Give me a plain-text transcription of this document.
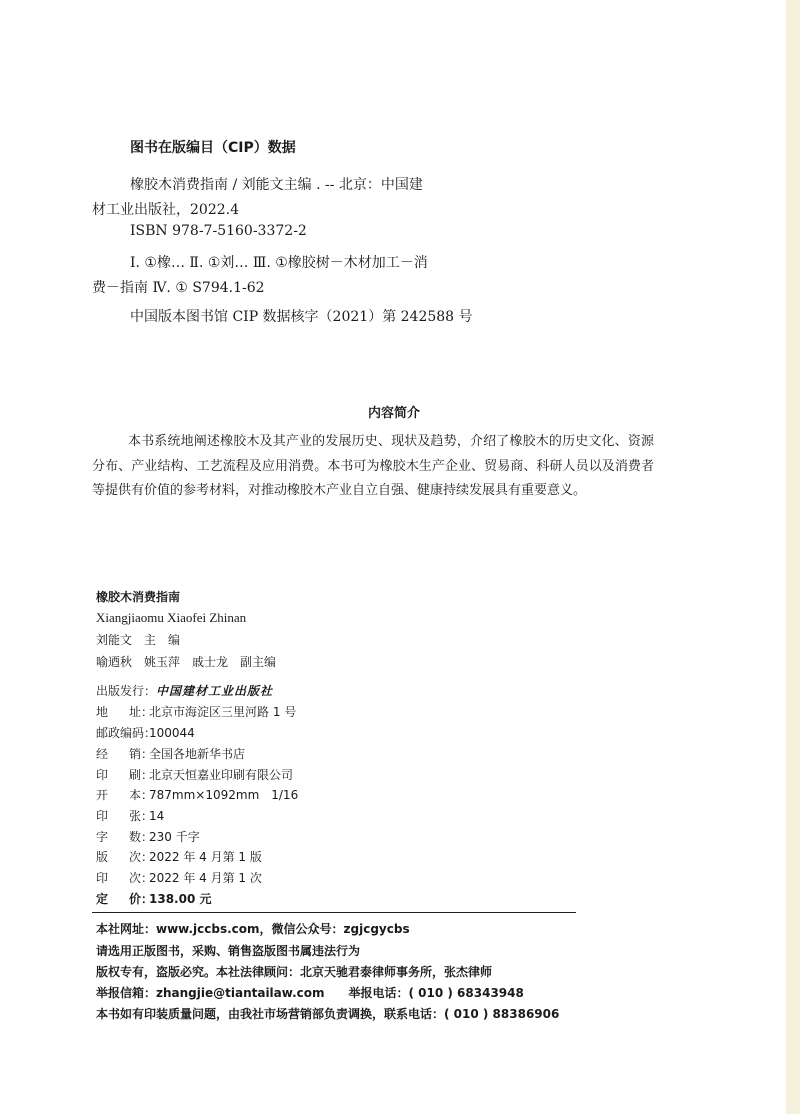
图书在版编目（CIP）数据
橡胶木消费指南 / 刘能文主编 . -- 北京：中国建
材工业出版社，2022.4
ISBN 978-7-5160-3372-2
Ⅰ. ①橡… Ⅱ. ①刘… Ⅲ. ①橡胶树－木材加工－消
费－指南 Ⅳ. ① S794.1-62
中国版本图书馆 CIP 数据核字（2021）第 242588 号
内容简介
本书系统地阐述橡胶木及其产业的发展历史、现状及趋势，介绍了橡胶木的历史文化、资源分布、产业结构、工艺流程及应用消费。本书可为橡胶木生产企业、贸易商、科研人员以及消费者等提供有价值的参考材料，对推动橡胶木产业自立自强、健康持续发展具有重要意义。
橡胶木消费指南
Xiangjiaomu Xiaofei Zhinan
刘能文　主　编
喻迺秋　姚玉萍　戚士龙　副主编
出版发行：中国建材工业出版社
地 址：北京市海淀区三里河路 1 号
邮政编码：100044
经 销：全国各地新华书店
印 刷：北京天恒嘉业印刷有限公司
开 本：787mm×1092mm　1/16
印 张：14
字 数：230 千字
版 次：2022 年 4 月第 1 版
印 次：2022 年 4 月第 1 次
定 价：138.00 元
本社网址：www.jccbs.com，微信公众号：zgjcgycbs
请选用正版图书，采购、销售盗版图书属违法行为
版权专有，盗版必究。本社法律顾问：北京天驰君泰律师事务所，张杰律师
举报信箱：zhangjie@tiantailaw.com　　举报电话：( 010 ) 68343948
本书如有印装质量问题，由我社市场营销部负责调换，联系电话：( 010 ) 88386906
